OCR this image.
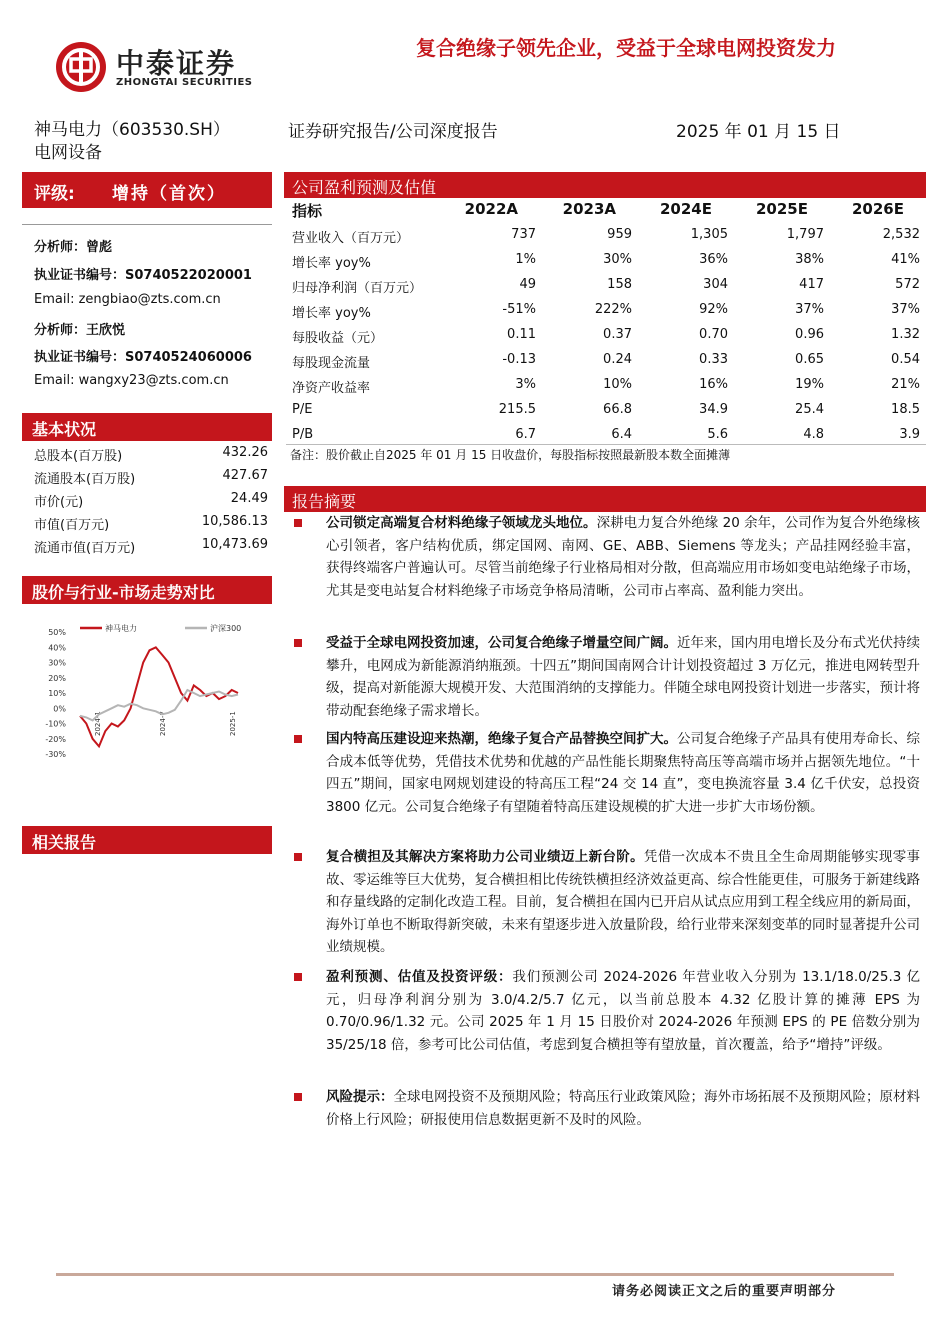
中泰证券
ZHONGTAI SECURITIES
复合绝缘子领先企业，受益于全球电网投资发力
神马电力（603530.SH）
电网设备
证券研究报告/公司深度报告	2025 年 01 月 15 日
评级: 增持（首次）
分析师：曾彪
执业证书编号：S0740522020001
Email: zengbiao@zts.com.cn
分析师：王欣悦
执业证书编号：S0740524060006
Email: wangxy23@zts.com.cn
基本状况
总股本(百万股)	432.26
流通股本(百万股)	427.67
市价(元)	24.49
市值(百万元)	10,586.13
流通市值(百万元)	10,473.69
股价与行业-市场走势对比
50%
40%
30%
20%
10%
0%
-10%
-20%
-30%
2024-1	2024-7	2025-1
神马电力	沪深300
相关报告
公司盈利预测及估值
指标	2022A	2023A	2024E	2025E	2026E
营业收入（百万元）	737	959	1,305	1,797	2,532
增长率 yoy%	1%	30%	36%	38%	41%
归母净利润（百万元）	49	158	304	417	572
增长率 yoy%	-51%	222%	92%	37%	37%
每股收益（元）	0.11	0.37	0.70	0.96	1.32
每股现金流量	-0.13	0.24	0.33	0.65	0.54
净资产收益率	3%	10%	16%	19%	21%
P/E	215.5	66.8	34.9	25.4	18.5
P/B	6.7	6.4	5.6	4.8	3.9
备注：股价截止自2025 年 01 月 15 日收盘价，每股指标按照最新股本数全面摊薄
报告摘要
公司锁定高端复合材料绝缘子领域龙头地位。深耕电力复合外绝缘 20 余年，公司作为复合外绝缘核心引领者，客户结构优质，绑定国网、南网、GE、ABB、Siemens 等龙头；产品挂网经验丰富，获得终端客户普遍认可。尽管当前绝缘子行业格局相对分散，但高端应用市场如变电站绝缘子市场，尤其是变电站复合材料绝缘子市场竞争格局清晰，公司市占率高、盈利能力突出。
受益于全球电网投资加速，公司复合绝缘子增量空间广阔。近年来，国内用电增长及分布式光伏持续攀升，电网成为新能源消纳瓶颈。十四五”期间国南网合计计划投资超过 3 万亿元，推进电网转型升级，提高对新能源大规模开发、大范围消纳的支撑能力。伴随全球电网投资计划进一步落实，预计将带动配套绝缘子需求增长。
国内特高压建设迎来热潮，绝缘子复合产品替换空间扩大。公司复合绝缘子产品具有使用寿命长、综合成本低等优势，凭借技术优势和优越的产品性能长期聚焦特高压等高端市场并占据领先地位。“十四五”期间，国家电网规划建设的特高压工程“24 交 14 直”，变电换流容量 3.4 亿千伏安，总投资 3800 亿元。公司复合绝缘子有望随着特高压建设规模的扩大进一步扩大市场份额。
复合横担及其解决方案将助力公司业绩迈上新台阶。凭借一次成本不贵且全生命周期能够实现零事故、零运维等巨大优势，复合横担相比传统铁横担经济效益更高、综合性能更佳，可服务于新建线路和存量线路的定制化改造工程。目前，复合横担在国内已开启从试点应用到工程全线应用的新局面，海外订单也不断取得新突破，未来有望逐步进入放量阶段，给行业带来深刻变革的同时显著提升公司业绩规模。
盈利预测、估值及投资评级：我们预测公司 2024-2026 年营业收入分别为 13.1/18.0/25.3 亿元，归母净利润分别为 3.0/4.2/5.7 亿元，以当前总股本 4.32 亿股计算的摊薄 EPS 为 0.70/0.96/1.32 元。公司 2025 年 1 月 15 日股价对 2024-2026 年预测 EPS 的 PE 倍数分别为 35/25/18 倍，参考可比公司估值，考虑到复合横担等有望放量，首次覆盖，给予“增持”评级。
风险提示：全球电网投资不及预期风险；特高压行业政策风险；海外市场拓展不及预期风险；原材料价格上行风险；研报使用信息数据更新不及时的风险。
请务必阅读正文之后的重要声明部分
